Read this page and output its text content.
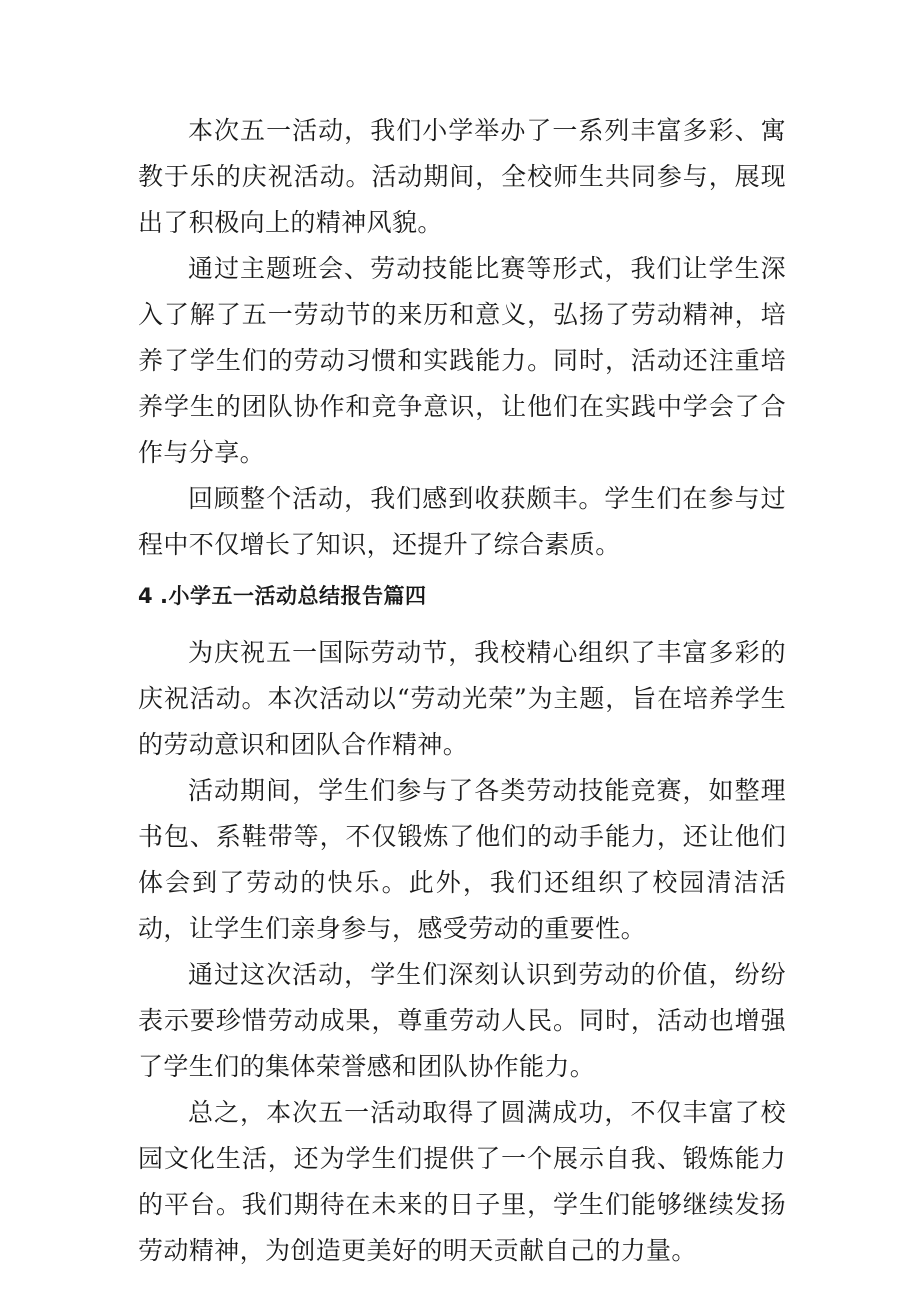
本次五一活动，我们小学举办了一系列丰富多彩、寓教于乐的庆祝活动。活动期间，全校师生共同参与，展现出了积极向上的精神风貌。

通过主题班会、劳动技能比赛等形式，我们让学生深入了解了五一劳动节的来历和意义，弘扬了劳动精神，培养了学生们的劳动习惯和实践能力。同时，活动还注重培养学生的团队协作和竞争意识，让他们在实践中学会了合作与分享。

回顾整个活动，我们感到收获颇丰。学生们在参与过程中不仅增长了知识，还提升了综合素质。

4 .小学五一活动总结报告篇四

为庆祝五一国际劳动节，我校精心组织了丰富多彩的庆祝活动。本次活动以“劳动光荣”为主题，旨在培养学生的劳动意识和团队合作精神。

活动期间，学生们参与了各类劳动技能竞赛，如整理书包、系鞋带等，不仅锻炼了他们的动手能力，还让他们体会到了劳动的快乐。此外，我们还组织了校园清洁活动，让学生们亲身参与，感受劳动的重要性。

通过这次活动，学生们深刻认识到劳动的价值，纷纷表示要珍惜劳动成果，尊重劳动人民。同时，活动也增强了学生们的集体荣誉感和团队协作能力。

总之，本次五一活动取得了圆满成功，不仅丰富了校园文化生活，还为学生们提供了一个展示自我、锻炼能力的平台。我们期待在未来的日子里，学生们能够继续发扬劳动精神，为创造更美好的明天贡献自己的力量。
